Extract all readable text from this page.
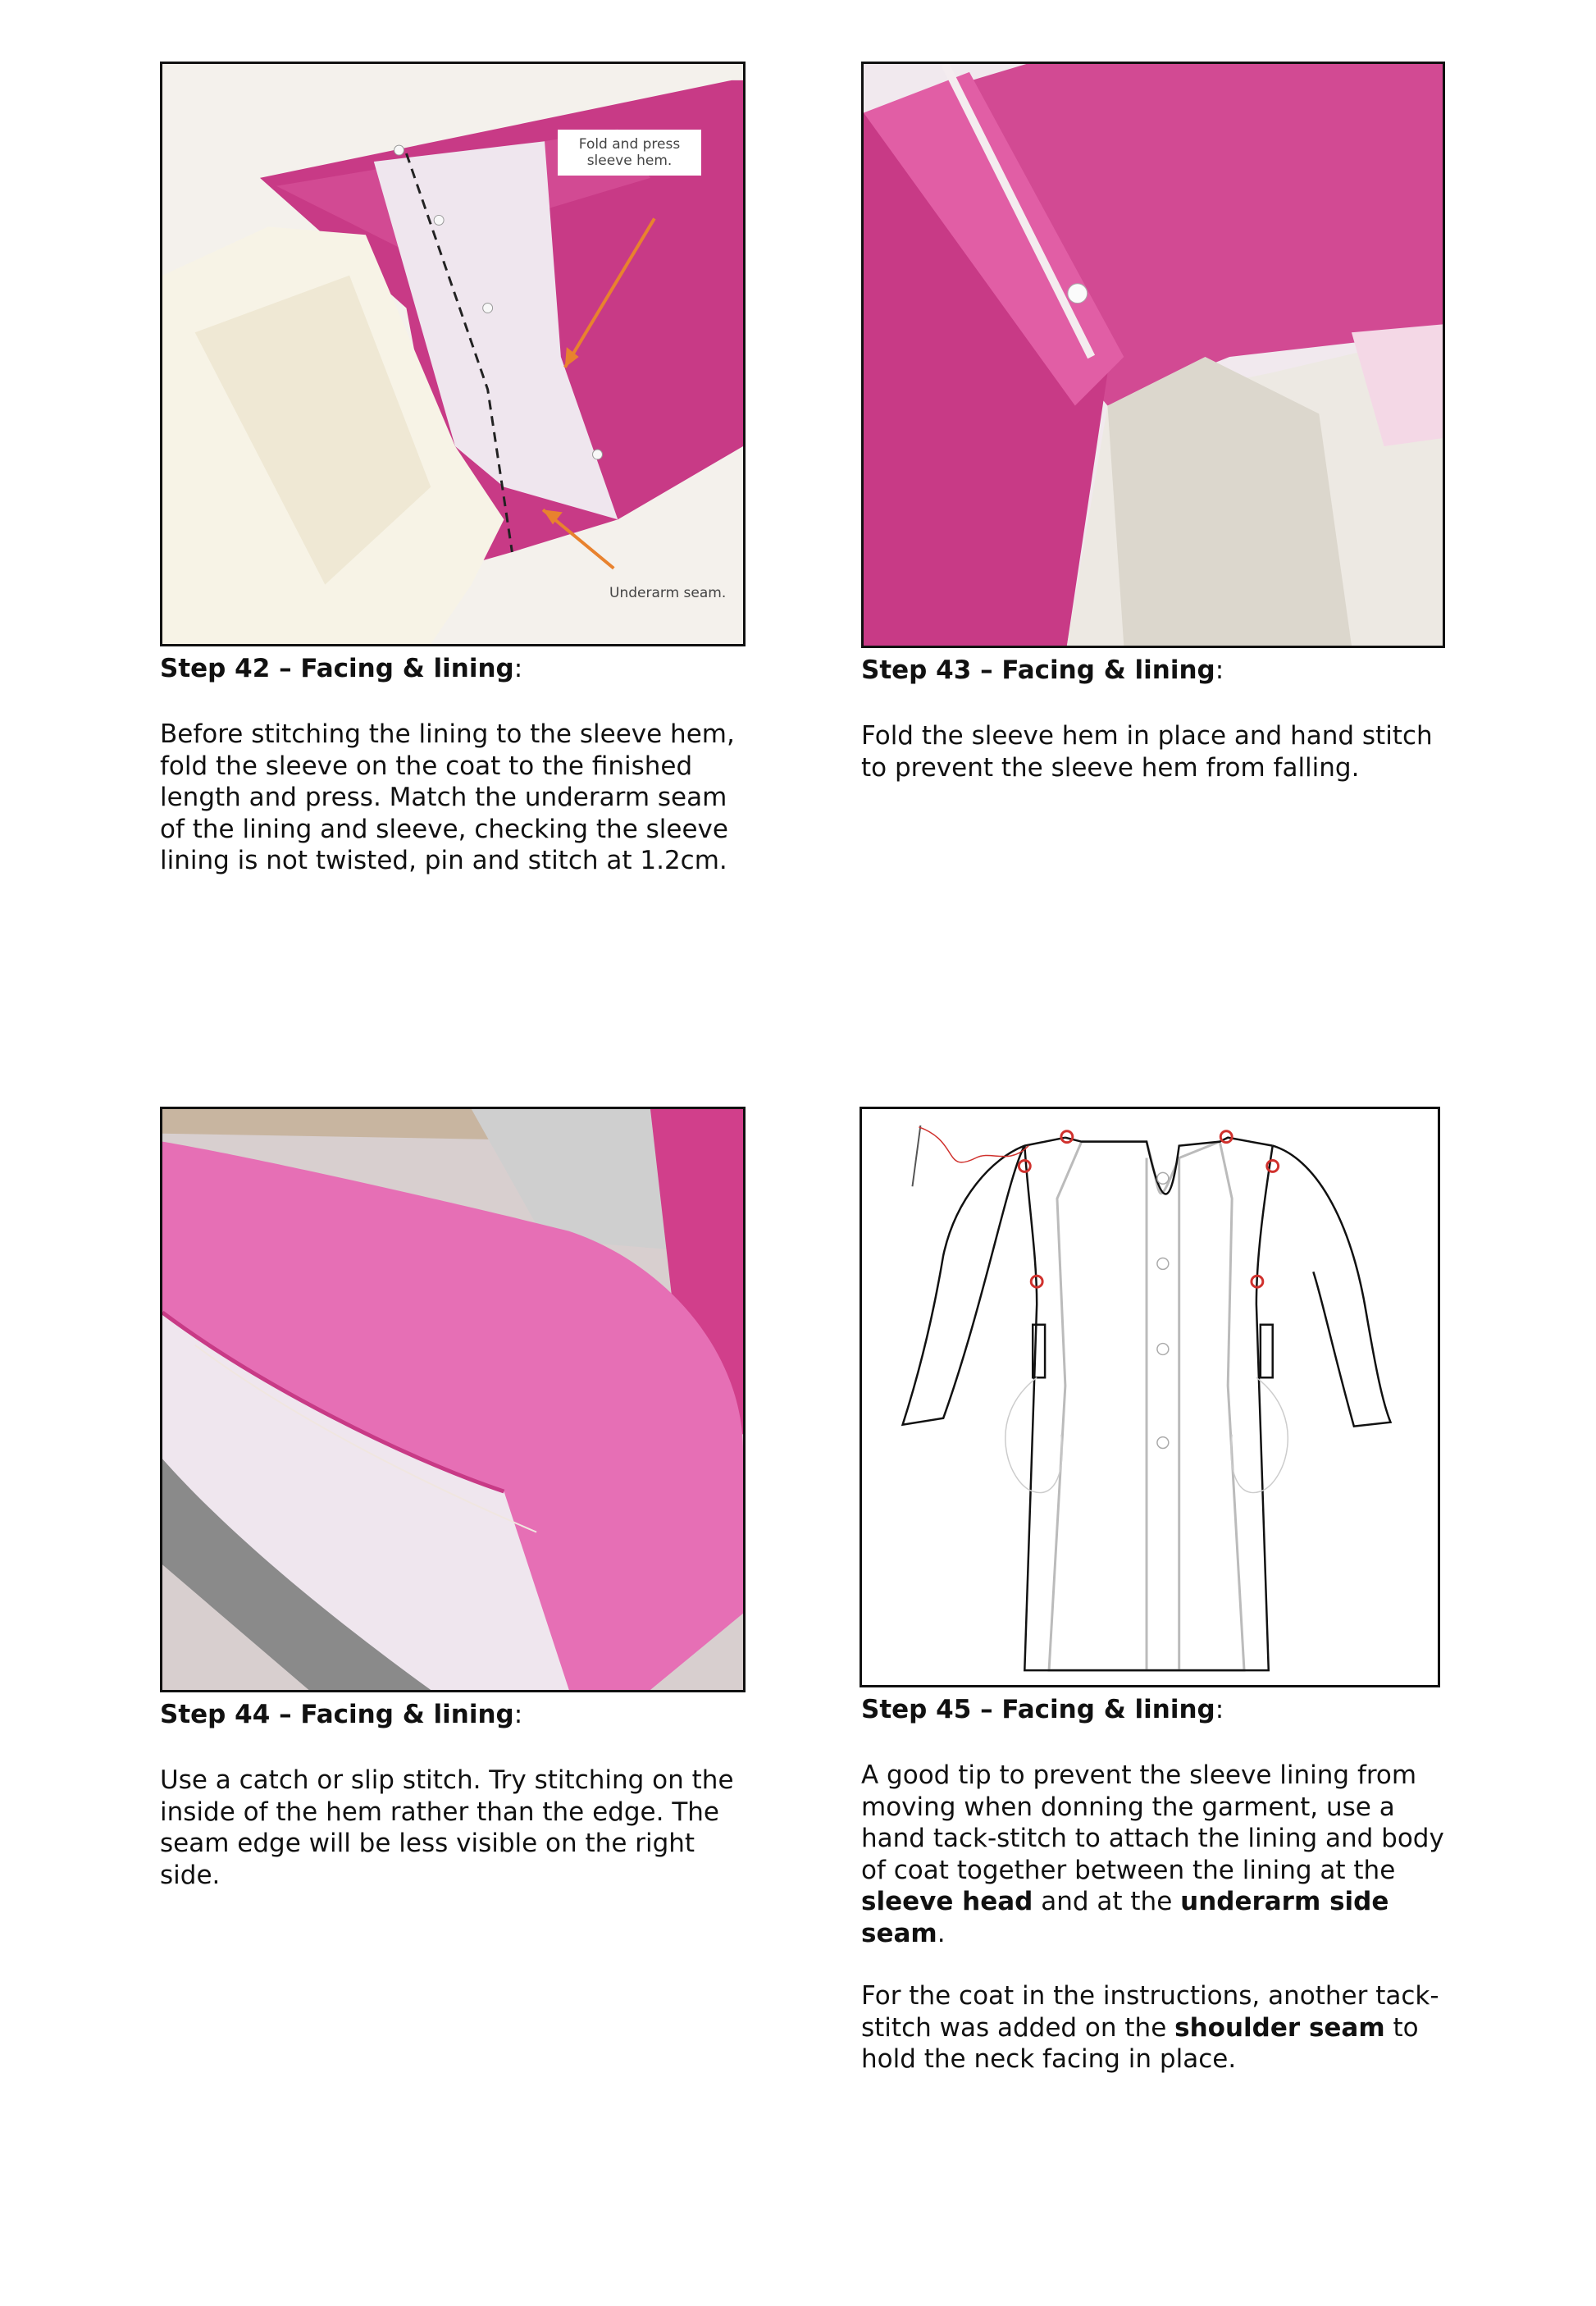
Fold and press sleeve hem.
Underarm seam.
Step 42 – Facing & lining:

Before stitching the lining to the sleeve hem, fold the sleeve on the coat to the finished length and press. Match the underarm seam of the lining and sleeve, checking the sleeve lining is not twisted, pin and stitch at 1.2cm.

Step 43 – Facing & lining:

Fold the sleeve hem in place and hand stitch to prevent the sleeve hem from falling.

Step 44 – Facing & lining:

Use a catch or slip stitch. Try stitching on the inside of the hem rather than the edge. The seam edge will be less visible on the right side.

Step 45 – Facing & lining:

A good tip to prevent the sleeve lining from moving when donning the garment, use a hand tack-stitch to attach the lining and body of coat together between the lining at the sleeve head and at the underarm side seam.

For the coat in the instructions, another tack-stitch was added on the shoulder seam to hold the neck facing in place.
